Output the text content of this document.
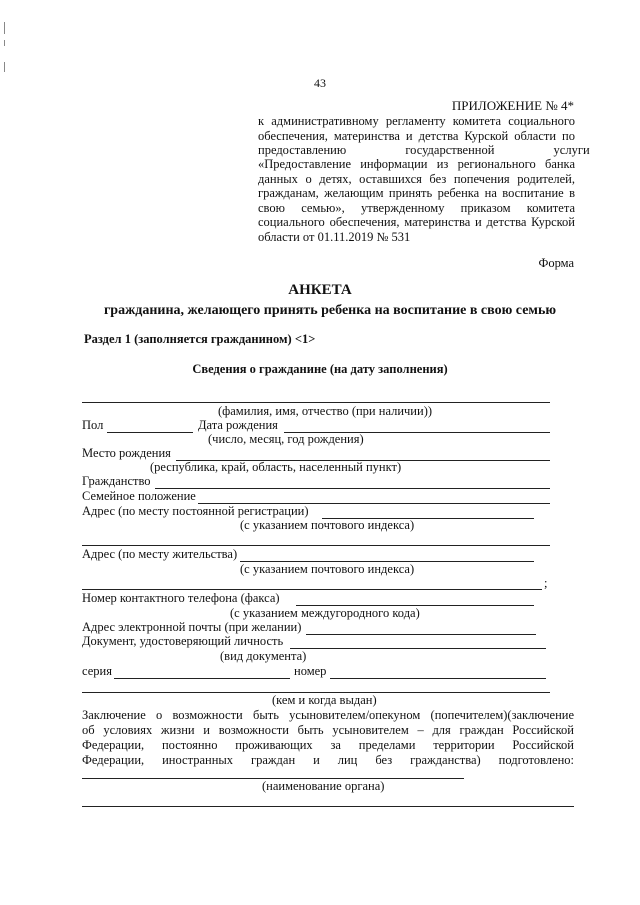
43
ПРИЛОЖЕНИЕ № 4*
к административному регламенту комитета социального
обеспечения, материнства и детства Курской области по
предоставлению государственной услуги
«Предоставление информации из регионального банка
данных о детях, оставшихся без попечения родителей,
гражданам, желающим принять ребенка на воспитание в
свою семью», утвержденному приказом комитета
социального обеспечения, материнства и детства Курской
области от 01.11.2019 № 531
Форма
АНКЕТА
гражданина, желающего принять ребенка на воспитание в свою семью
Раздел 1 (заполняется гражданином) <1>
Сведения о гражданине (на дату заполнения)
(фамилия, имя, отчество (при наличии))
Пол	Дата рождения
(число, месяц, год рождения)
Место рождения
(республика, край, область, населенный пункт)
Гражданство
Семейное положение
Адрес (по месту постоянной регистрации)
(с указанием почтового индекса)
Адрес (по месту жительства)
(с указанием почтового индекса)
;
Номер контактного телефона (факса)
(с указанием междугородного кода)
Адрес электронной почты (при желании)
Документ, удостоверяющий личность
(вид документа)
серия	номер
(кем и когда выдан)
Заключение о возможности быть усыновителем/опекуном (попечителем)(заключение
об условиях жизни и возможности быть усыновителем – для граждан Российской
Федерации, постоянно проживающих за пределами территории Российской
Федерации, иностранных граждан и лиц без гражданства) подготовлено:
(наименование органа)
